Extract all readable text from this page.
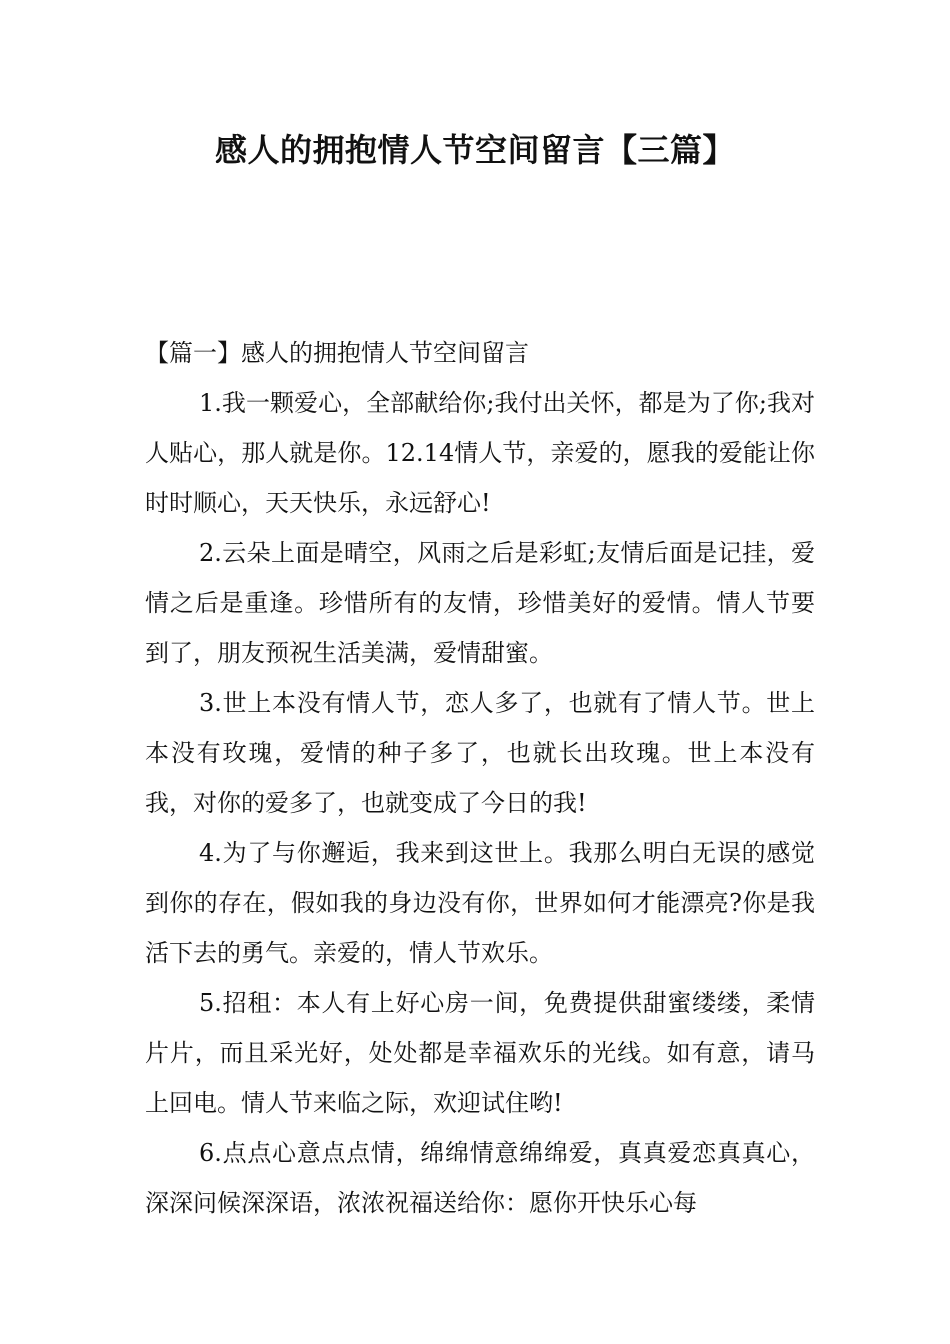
感人的拥抱情人节空间留言【三篇】

【篇一】感人的拥抱情人节空间留言

1.我一颗爱心，全部献给你;我付出关怀，都是为了你;我对人贴心，那人就是你。12.14情人节，亲爱的，愿我的爱能让你时时顺心，天天快乐，永远舒心!

2.云朵上面是晴空，风雨之后是彩虹;友情后面是记挂，爱情之后是重逢。珍惜所有的友情，珍惜美好的爱情。情人节要到了，朋友预祝生活美满，爱情甜蜜。

3.世上本没有情人节，恋人多了，也就有了情人节。世上本没有玫瑰，爱情的种子多了，也就长出玫瑰。世上本没有我，对你的爱多了，也就变成了今日的我!

4.为了与你邂逅，我来到这世上。我那么明白无误的感觉到你的存在，假如我的身边没有你，世界如何才能漂亮?你是我活下去的勇气。亲爱的，情人节欢乐。

5.招租：本人有上好心房一间，免费提供甜蜜缕缕，柔情片片，而且采光好，处处都是幸福欢乐的光线。如有意，请马上回电。情人节来临之际，欢迎试住哟!

6.点点心意点点情，绵绵情意绵绵爱，真真爱恋真真心，深深问候深深语，浓浓祝福送给你：愿你开快乐心每
